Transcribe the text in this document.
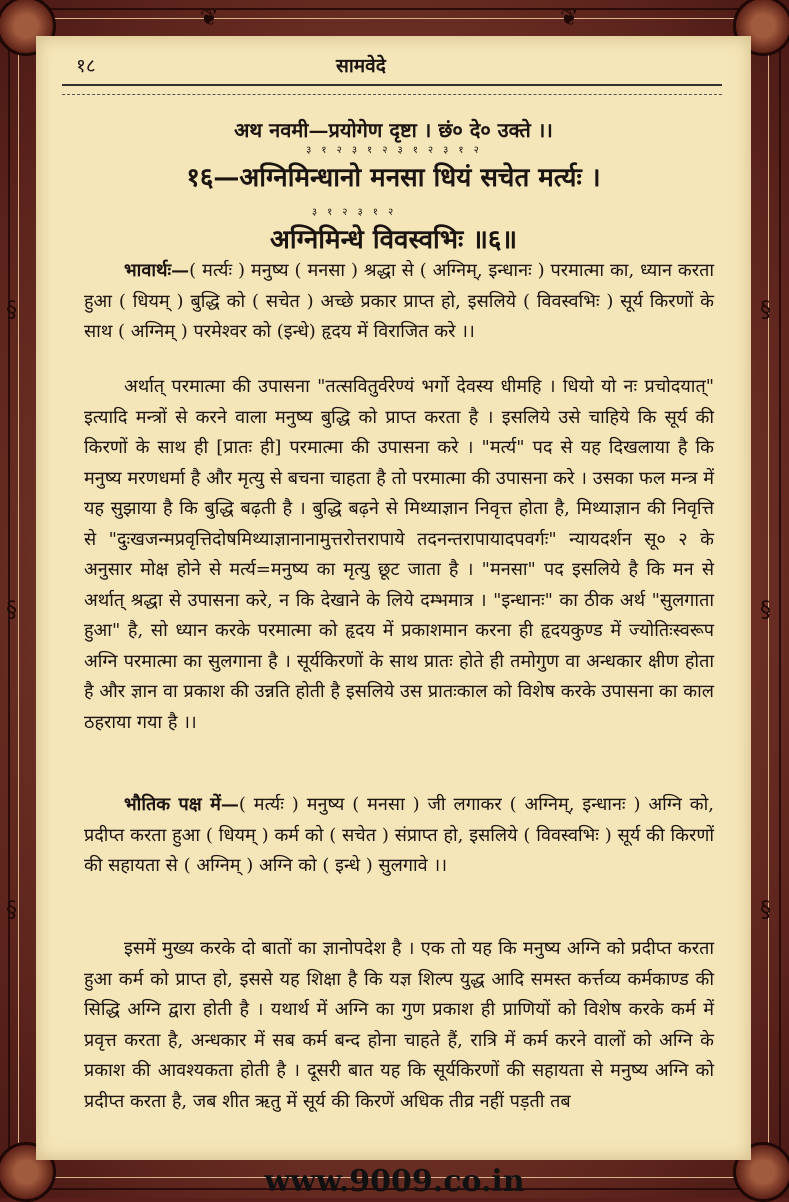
§
§
§
§
§
§
❦	❦
१८	सामवेदे
अथ नवमी—प्रयोगेण दृष्टा । छं० दे० उक्ते ।।
३ १ २ ३ १ २ ३ १ २ ३ १ २
१६—अग्निमिन्धानो मनसा धियं सचेत मर्त्यः ।
३ १ २ ३ १ २
अग्निमिन्धे विवस्वभिः ॥६॥
भावार्थः—( मर्त्यः ) मनुष्य ( मनसा ) श्रद्धा से ( अग्निम्, इन्धानः ) परमात्मा का, ध्यान करता हुआ ( धियम् ) बुद्धि को ( सचेत ) अच्छे प्रकार प्राप्त हो, इसलिये ( विवस्वभिः ) सूर्य किरणों के साथ ( अग्निम् ) परमेश्वर को (इन्धे) हृदय में विराजित करे ।।
अर्थात् परमात्मा की उपासना "तत्सवितुर्वरेण्यं भर्गो देवस्य धीमहि । धियो यो नः प्रचोदयात्" इत्यादि मन्त्रों से करने वाला मनुष्य बुद्धि को प्राप्त करता है । इसलिये उसे चाहिये कि सूर्य की किरणों के साथ ही [प्रातः ही] परमात्मा की उपासना करे । "मर्त्य" पद से यह दिखलाया है कि मनुष्य मरणधर्मा है और मृत्यु से बचना चाहता है तो परमात्मा की उपासना करे । उसका फल मन्त्र में यह सुझाया है कि बुद्धि बढ़ती है । बुद्धि बढ़ने से मिथ्याज्ञान निवृत्त होता है, मिथ्याज्ञान की निवृत्ति से "दुःखजन्मप्रवृत्तिदोषमिथ्याज्ञानानामुत्तरोत्तरापाये तदनन्तरापायादपवर्गः" न्यायदर्शन सू० २ के अनुसार मोक्ष होने से मर्त्य=मनुष्य का मृत्यु छूट जाता है । "मनसा" पद इसलिये है कि मन से अर्थात् श्रद्धा से उपासना करे, न कि देखाने के लिये दम्भमात्र । "इन्धानः" का ठीक अर्थ "सुलगाता हुआ" है, सो ध्यान करके परमात्मा को हृदय में प्रकाशमान करना ही हृदयकुण्ड में ज्योतिःस्वरूप अग्नि परमात्मा का सुलगाना है । सूर्यकिरणों के साथ प्रातः होते ही तमोगुण वा अन्धकार क्षीण होता है और ज्ञान वा प्रकाश की उन्नति होती है इसलिये उस प्रातःकाल को विशेष करके उपासना का काल ठहराया गया है ।।
भौतिक पक्ष में—( मर्त्यः ) मनुष्य ( मनसा ) जी लगाकर ( अग्निम्, इन्धानः ) अग्नि को, प्रदीप्त करता हुआ ( धियम् ) कर्म को ( सचेत ) संप्राप्त हो, इसलिये ( विवस्वभिः ) सूर्य की किरणों की सहायता से ( अग्निम् ) अग्नि को ( इन्धे ) सुलगावे ।।
इसमें मुख्य करके दो बातों का ज्ञानोपदेश है । एक तो यह कि मनुष्य अग्नि को प्रदीप्त करता हुआ कर्म को प्राप्त हो, इससे यह शिक्षा है कि यज्ञ शिल्प युद्ध आदि समस्त कर्त्तव्य कर्मकाण्ड की सिद्धि अग्नि द्वारा होती है । यथार्थ में अग्नि का गुण प्रकाश ही प्राणियों को विशेष करके कर्म में प्रवृत्त करता है, अन्धकार में सब कर्म बन्द होना चाहते हैं, रात्रि में कर्म करने वालों को अग्नि के प्रकाश की आवश्यकता होती है । दूसरी बात यह कि सूर्यकिरणों की सहायता से मनुष्य अग्नि को प्रदीप्त करता है, जब शीत ऋतु में सूर्य की किरणें अधिक तीव्र नहीं पड़ती तब
www.9009.co.in
